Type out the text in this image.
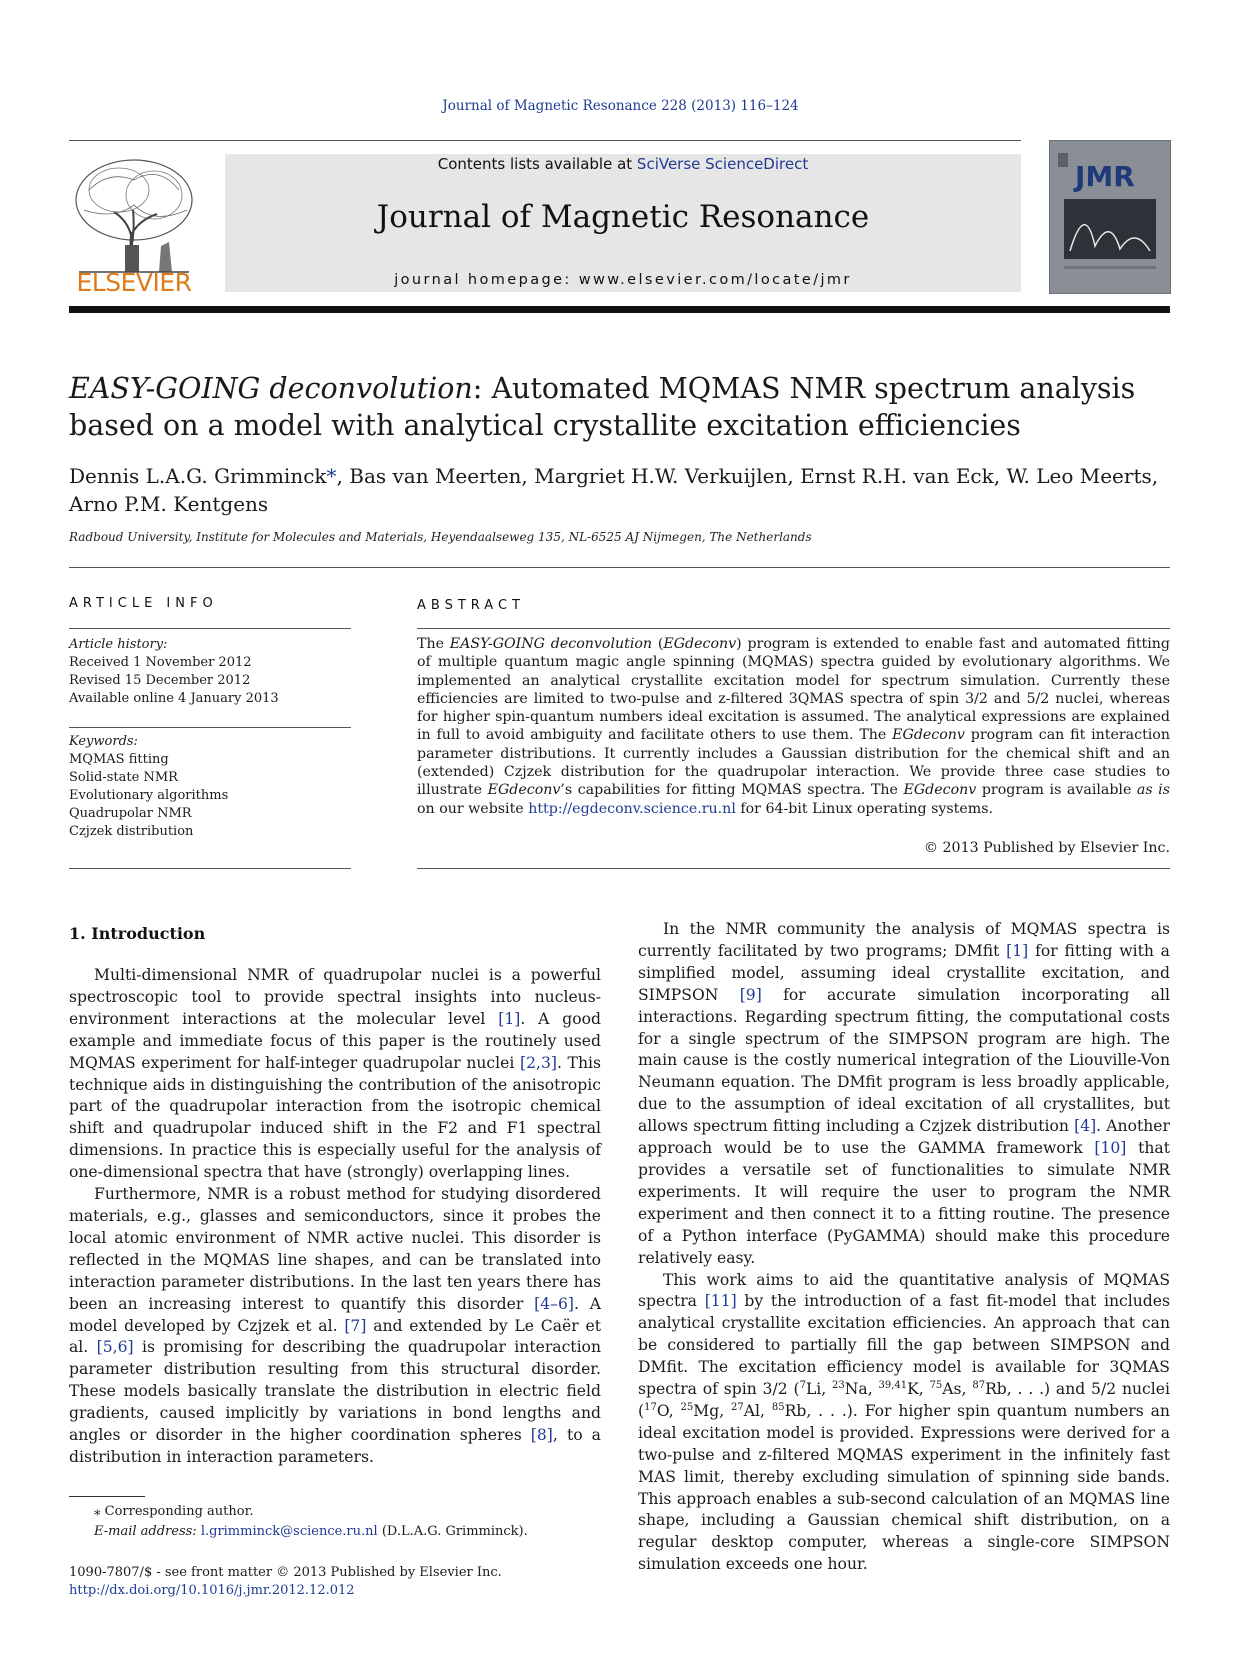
Journal of Magnetic Resonance 228 (2013) 116–124
ELSEVIER
Contents lists available at SciVerse ScienceDirect
Journal of Magnetic Resonance
journal homepage: www.elsevier.com/locate/jmr
JMR
EASY-GOING deconvolution: Automated MQMAS NMR spectrum analysis based on a model with analytical crystallite excitation efficiencies
Dennis L.A.G. Grimminck*, Bas van Meerten, Margriet H.W. Verkuijlen, Ernst R.H. van Eck, W. Leo Meerts, Arno P.M. Kentgens
Radboud University, Institute for Molecules and Materials, Heyendaalseweg 135, NL-6525 AJ Nijmegen, The Netherlands
ARTICLE INFO
Article history:
Received 1 November 2012
Revised 15 December 2012
Available online 4 January 2013
Keywords:
MQMAS fitting
Solid-state NMR
Evolutionary algorithms
Quadrupolar NMR
Czjzek distribution
ABSTRACT
The EASY-GOING deconvolution (EGdeconv) program is extended to enable fast and automated fitting of multiple quantum magic angle spinning (MQMAS) spectra guided by evolutionary algorithms. We implemented an analytical crystallite excitation model for spectrum simulation. Currently these efficiencies are limited to two-pulse and z-filtered 3QMAS spectra of spin 3/2 and 5/2 nuclei, whereas for higher spin-quantum numbers ideal excitation is assumed. The analytical expressions are explained in full to avoid ambiguity and facilitate others to use them. The EGdeconv program can fit interaction parameter distributions. It currently includes a Gaussian distribution for the chemical shift and an (extended) Czjzek distribution for the quadrupolar interaction. We provide three case studies to illustrate EGdeconv’s capabilities for fitting MQMAS spectra. The EGdeconv program is available as is on our website http://egdeconv.science.ru.nl for 64-bit Linux operating systems.
© 2013 Published by Elsevier Inc.
1. Introduction

Multi-dimensional NMR of quadrupolar nuclei is a powerful spectroscopic tool to provide spectral insights into nucleus-environment interactions at the molecular level [1]. A good example and immediate focus of this paper is the routinely used MQMAS experiment for half-integer quadrupolar nuclei [2,3]. This technique aids in distinguishing the contribution of the anisotropic part of the quadrupolar interaction from the isotropic chemical shift and quadrupolar induced shift in the F2 and F1 spectral dimensions. In practice this is especially useful for the analysis of one-dimensional spectra that have (strongly) overlapping lines.

Furthermore, NMR is a robust method for studying disordered materials, e.g., glasses and semiconductors, since it probes the local atomic environment of NMR active nuclei. This disorder is reflected in the MQMAS line shapes, and can be translated into interaction parameter distributions. In the last ten years there has been an increasing interest to quantify this disorder [4–6]. A model developed by Czjzek et al. [7] and extended by Le Caër et al. [5,6] is promising for describing the quadrupolar interaction parameter distribution resulting from this structural disorder. These models basically translate the distribution in electric field gradients, caused implicitly by variations in bond lengths and angles or disorder in the higher coordination spheres [8], to a distribution in interaction parameters.

In the NMR community the analysis of MQMAS spectra is currently facilitated by two programs; DMfit [1] for fitting with a simplified model, assuming ideal crystallite excitation, and SIMPSON [9] for accurate simulation incorporating all interactions. Regarding spectrum fitting, the computational costs for a single spectrum of the SIMPSON program are high. The main cause is the costly numerical integration of the Liouville-Von Neumann equation. The DMfit program is less broadly applicable, due to the assumption of ideal excitation of all crystallites, but allows spectrum fitting including a Czjzek distribution [4]. Another approach would be to use the GAMMA framework [10] that provides a versatile set of functionalities to simulate NMR experiments. It will require the user to program the NMR experiment and then connect it to a fitting routine. The presence of a Python interface (PyGAMMA) should make this procedure relatively easy.

This work aims to aid the quantitative analysis of MQMAS spectra [11] by the introduction of a fast fit-model that includes analytical crystallite excitation efficiencies. An approach that can be considered to partially fill the gap between SIMPSON and DMfit. The excitation efficiency model is available for 3QMAS spectra of spin 3/2 ($^7$Li, $^{23}$Na, $^{39,41}$K, $^{75}$As, $^{87}$Rb, . . .) and 5/2 nuclei ($^{17}$O, $^{25}$Mg, $^{27}$Al, $^{85}$Rb, . . .). For higher spin quantum numbers an ideal excitation model is provided. Expressions were derived for a two-pulse and z-filtered MQMAS experiment in the infinitely fast MAS limit, thereby excluding simulation of spinning side bands. This approach enables a sub-second calculation of an MQMAS line shape, including a Gaussian chemical shift distribution, on a regular desktop computer, whereas a single-core SIMPSON simulation exceeds one hour.

⁎ Corresponding author.
E-mail address: l.grimminck@science.ru.nl (D.L.A.G. Grimminck).
1090-7807/$ - see front matter © 2013 Published by Elsevier Inc.
http://dx.doi.org/10.1016/j.jmr.2012.12.012
